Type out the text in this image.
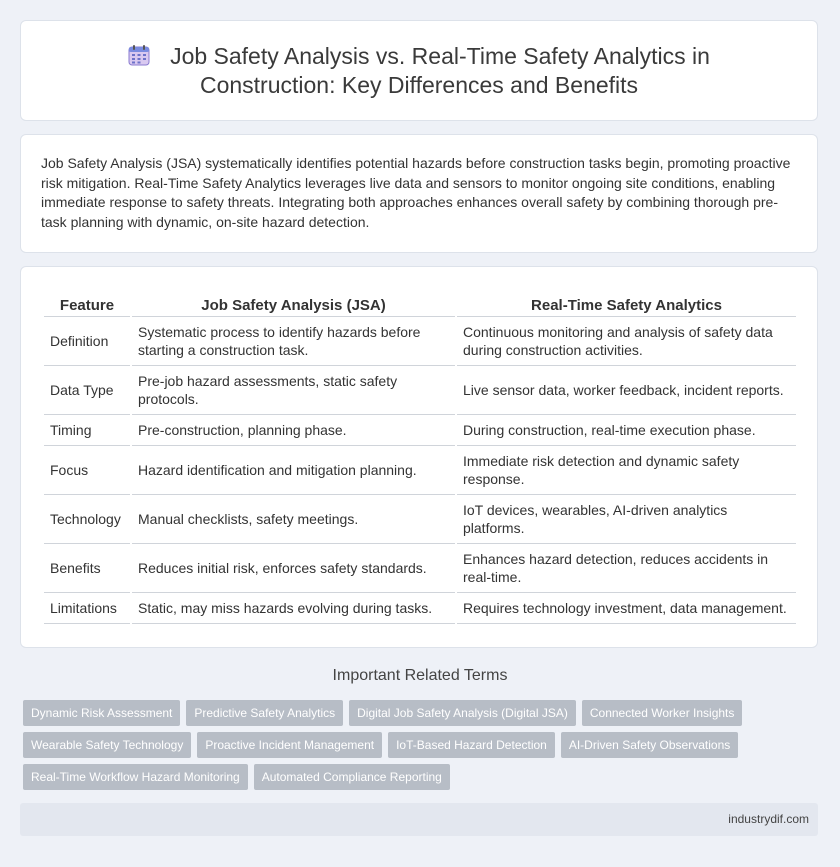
Job Safety Analysis vs. Real-Time Safety Analytics in
Construction: Key Differences and Benefits
Job Safety Analysis (JSA) systematically identifies potential hazards before construction tasks begin, promoting proactive risk mitigation. Real-Time Safety Analytics leverages live data and sensors to monitor ongoing site conditions, enabling immediate response to safety threats. Integrating both approaches enhances overall safety by combining thorough pre-task planning with dynamic, on-site hazard detection.
Feature	Job Safety Analysis (JSA)	Real-Time Safety Analytics
Definition	Systematic process to identify hazards before starting a construction task.	Continuous monitoring and analysis of safety data during construction activities.
Data Type	Pre-job hazard assessments, static safety protocols.	Live sensor data, worker feedback, incident reports.
Timing	Pre-construction, planning phase.	During construction, real-time execution phase.
Focus	Hazard identification and mitigation planning.	Immediate risk detection and dynamic safety response.
Technology	Manual checklists, safety meetings.	IoT devices, wearables, AI-driven analytics platforms.
Benefits	Reduces initial risk, enforces safety standards.	Enhances hazard detection, reduces accidents in real-time.
Limitations	Static, may miss hazards evolving during tasks.	Requires technology investment, data management.
Important Related Terms
Dynamic Risk Assessment	Predictive Safety Analytics	Digital Job Safety Analysis (Digital JSA)	Connected Worker Insights
Wearable Safety Technology	Proactive Incident Management	IoT-Based Hazard Detection	AI-Driven Safety Observations
Real-Time Workflow Hazard Monitoring	Automated Compliance Reporting
industrydif.com
